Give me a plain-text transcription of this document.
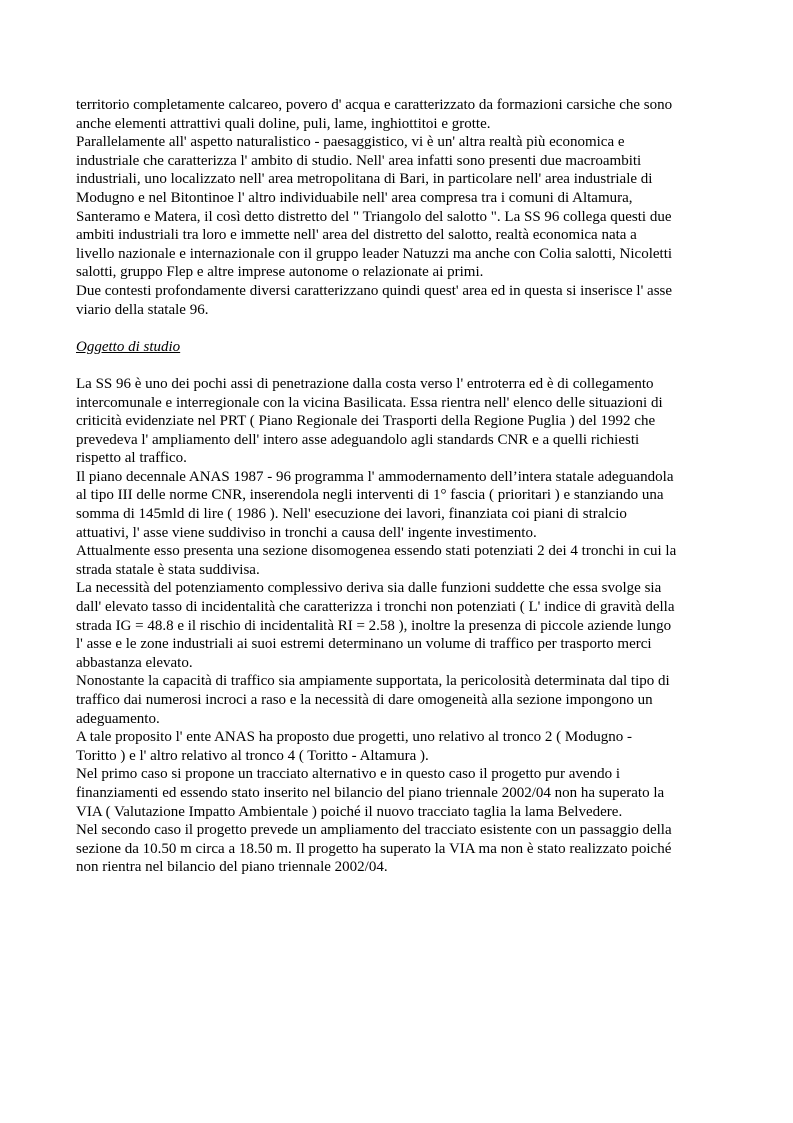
territorio completamente calcareo, povero d' acqua e caratterizzato da formazioni carsiche che sono
anche elementi attrattivi quali doline, puli, lame, inghiottitoi e grotte.

Parallelamente all' aspetto naturalistico - paesaggistico, vi è un' altra realtà più economica e
industriale che caratterizza l' ambito di studio. Nell' area infatti sono presenti due macroambiti
industriali, uno localizzato nell' area metropolitana di Bari, in particolare nell' area industriale di
Modugno e nel Bitontinoe l' altro individuabile nell' area compresa tra i comuni di Altamura,
Santeramo e Matera, il così detto distretto del " Triangolo del salotto ". La SS 96 collega questi due
ambiti industriali tra loro e immette nell' area del distretto del salotto, realtà economica nata a
livello nazionale e internazionale con il gruppo leader Natuzzi ma anche con Colia salotti, Nicoletti
salotti, gruppo Flep e altre imprese autonome o relazionate ai primi.

Due contesti profondamente diversi caratterizzano quindi quest' area ed in questa si inserisce l' asse
viario della statale 96.

Oggetto di studio

La SS 96 è uno dei pochi assi di penetrazione dalla costa verso l' entroterra ed è di collegamento
intercomunale e interregionale con la vicina Basilicata. Essa rientra nell' elenco delle situazioni di
criticità evidenziate nel PRT ( Piano Regionale dei Trasporti della Regione Puglia ) del 1992 che
prevedeva l' ampliamento dell' intero asse adeguandolo agli standards CNR e a quelli richiesti
rispetto al traffico.

Il piano decennale ANAS 1987 - 96 programma l' ammodernamento dell’intera statale adeguandola
al tipo III delle norme CNR, inserendola negli interventi di 1° fascia ( prioritari ) e stanziando una
somma di 145mld di lire ( 1986 ). Nell' esecuzione dei lavori, finanziata coi piani di stralcio
attuativi, l' asse viene suddiviso in tronchi a causa dell' ingente investimento.

Attualmente esso presenta una sezione disomogenea essendo stati potenziati 2 dei 4 tronchi in cui la
strada statale è stata suddivisa.

La necessità del potenziamento complessivo deriva sia dalle funzioni suddette che essa svolge sia
dall' elevato tasso di incidentalità che caratterizza i tronchi non potenziati ( L' indice di gravità della
strada IG = 48.8 e il rischio di incidentalità RI = 2.58 ), inoltre la presenza di piccole aziende lungo
l' asse e le zone industriali ai suoi estremi determinano un volume di traffico per trasporto merci
abbastanza elevato.

Nonostante la capacità di traffico sia ampiamente supportata, la pericolosità determinata dal tipo di
traffico dai numerosi incroci a raso e la necessità di dare omogeneità alla sezione impongono un
adeguamento.

A tale proposito l' ente ANAS ha proposto due progetti, uno relativo al tronco 2 ( Modugno -
Toritto ) e l' altro relativo al tronco 4 ( Toritto - Altamura ).

Nel primo caso si propone un tracciato alternativo e in questo caso il progetto pur avendo i
finanziamenti ed essendo stato inserito nel bilancio del piano triennale 2002/04 non ha superato la
VIA ( Valutazione Impatto Ambientale ) poiché il nuovo tracciato taglia la lama Belvedere.

Nel secondo caso il progetto prevede un ampliamento del tracciato esistente con un passaggio della
sezione da 10.50 m circa a 18.50 m. Il progetto ha superato la VIA ma non è stato realizzato poiché
non rientra nel bilancio del piano triennale 2002/04.
